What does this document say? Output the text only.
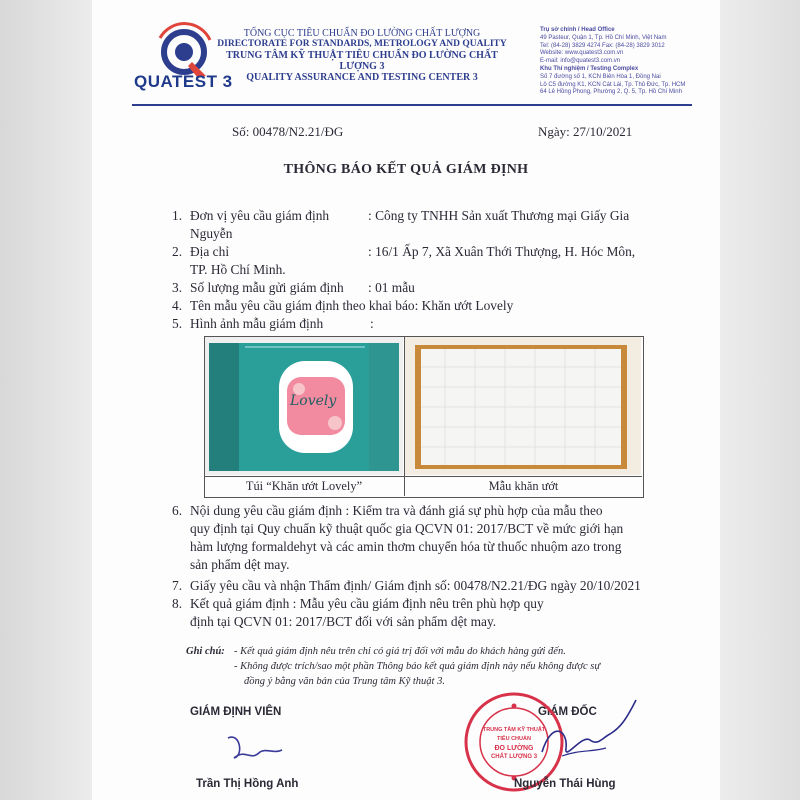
QUATEST 3
TỔNG CỤC TIÊU CHUẨN ĐO LƯỜNG CHẤT LƯỢNG
DIRECTORATE FOR STANDARDS, METROLOGY AND QUALITY
TRUNG TÂM KỸ THUẬT TIÊU CHUẨN ĐO LƯỜNG CHẤT LƯỢNG 3
QUALITY ASSURANCE AND TESTING CENTER 3
Trụ sở chính / Head Office
49 Pasteur, Quận 1, Tp. Hồ Chí Minh, Việt Nam
Tel: (84-28) 3829 4274 Fax: (84-28) 3829 3012
Website: www.quatest3.com.vn
E-mail: info@quatest3.com.vn
Khu Thí nghiệm / Testing Complex
Số 7 đường số 1, KCN Biên Hòa 1, Đồng Nai
Lô C5 đường K1, KCN Cát Lái, Tp. Thủ Đức, Tp. HCM
64 Lê Hồng Phong, Phường 2, Q. 5, Tp. Hồ Chí Minh
Số: 00478/N2.21/ĐG	Ngày: 27/10/2021
THÔNG BÁO KẾT QUẢ GIÁM ĐỊNH
1. Đơn vị yêu cầu giám định	: Công ty TNHH Sản xuất Thương mại Giấy Gia
Nguyễn
2. Địa chỉ	: 16/1 Ấp 7, Xã Xuân Thới Thượng, H. Hóc Môn,
TP. Hồ Chí Minh.
3. Số lượng mẫu gửi giám định : 01 mẫu
4. Tên mẫu yêu cầu giám định theo khai báo: Khăn ướt Lovely
5. Hình ảnh mẫu giám định	:
Lovely
Túi “Khăn ướt Lovely”	Mẫu khăn ướt
6. Nội dung yêu cầu giám định : Kiểm tra và đánh giá sự phù hợp của mẫu theo
quy định tại Quy chuẩn kỹ thuật quốc gia QCVN 01: 2017/BCT về mức giới hạn
hàm lượng formaldehyt và các amin thơm chuyển hóa từ thuốc nhuộm azo trong
sản phẩm dệt may.
7. Giấy yêu cầu và nhận Thẩm định/ Giám định số: 00478/N2.21/ĐG ngày 20/10/2021
8. Kết quả giám định : Mẫu yêu cầu giám định nêu trên phù hợp quy
định tại QCVN 01: 2017/BCT đối với sản phẩm dệt may.
Ghi chú: - Kết quả giám định nêu trên chỉ có giá trị đối với mẫu do khách hàng gửi đến.
- Không được trích/sao một phần Thông báo kết quả giám định này nếu không được sự
đồng ý bằng văn bản của Trung tâm Kỹ thuật 3.
GIÁM ĐỊNH VIÊN	GIÁM ĐỐC
TRUNG TÂM KỸ THUẬT TIÊU CHUẨN
ĐO LƯỜNG
CHẤT LƯỢNG 3
Trần Thị Hồng Anh	Nguyễn Thái Hùng
